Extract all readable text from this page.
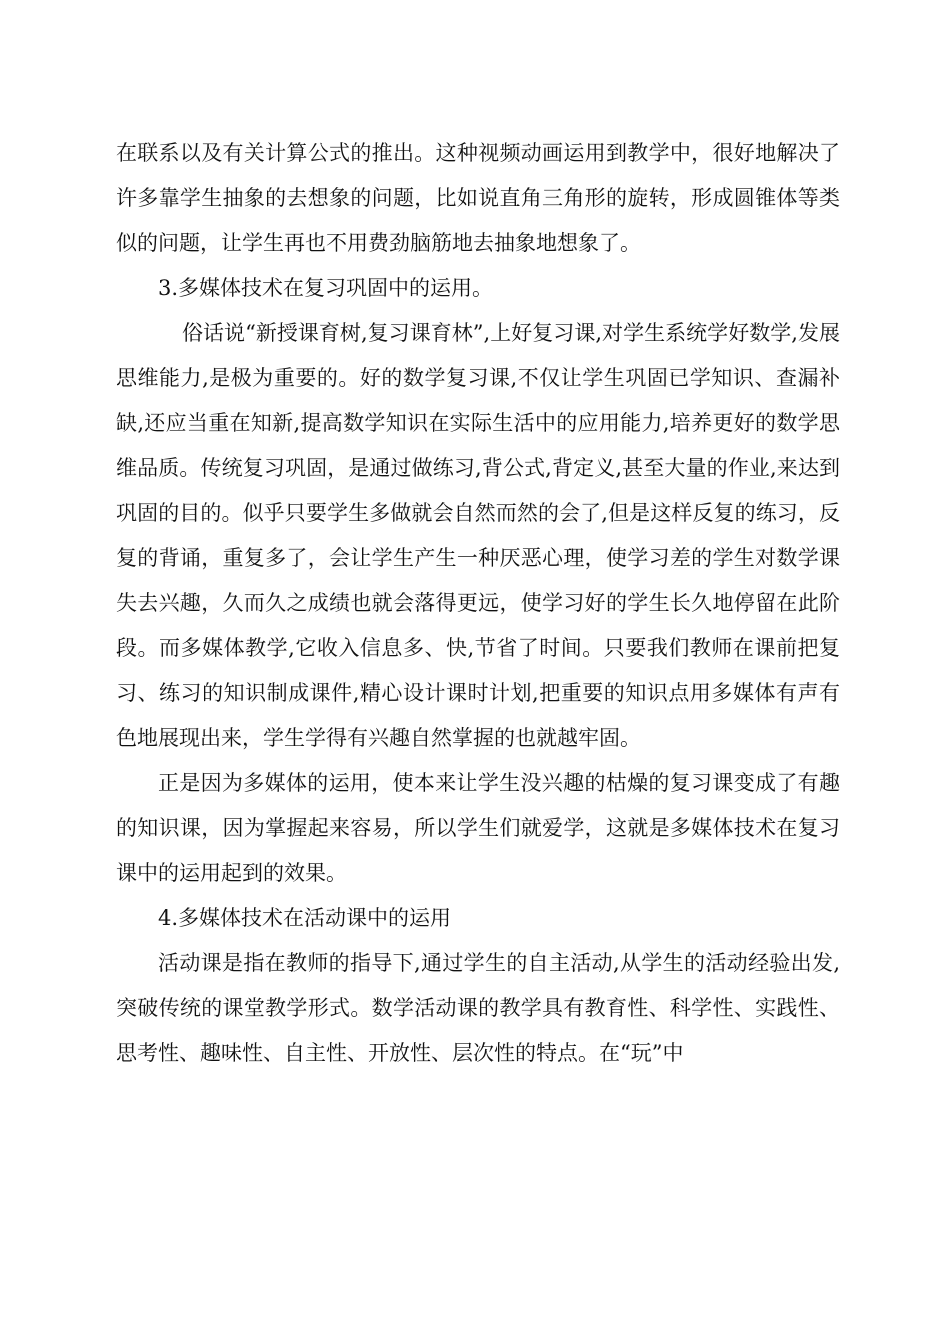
在联系以及有关计算公式的推出。这种视频动画运用到教学中，很好地解决了许多靠学生抽象的去想象的问题，比如说直角三角形的旋转，形成圆锥体等类似的问题，让学生再也不用费劲脑筋地去抽象地想象了。

3.多媒体技术在复习巩固中的运用。

俗话说“新授课育树,复习课育林”,上好复习课,对学生系统学好数学,发展思维能力,是极为重要的。好的数学复习课,不仅让学生巩固已学知识、查漏补缺,还应当重在知新,提高数学知识在实际生活中的应用能力,培养更好的数学思维品质。传统复习巩固，是通过做练习,背公式,背定义,甚至大量的作业,来达到巩固的目的。似乎只要学生多做就会自然而然的会了,但是这样反复的练习，反复的背诵，重复多了，会让学生产生一种厌恶心理，使学习差的学生对数学课失去兴趣，久而久之成绩也就会落得更远，使学习好的学生长久地停留在此阶段。而多媒体教学,它收入信息多、快,节省了时间。只要我们教师在课前把复习、练习的知识制成课件,精心设计课时计划,把重要的知识点用多媒体有声有色地展现出来，学生学得有兴趣自然掌握的也就越牢固。

正是因为多媒体的运用，使本来让学生没兴趣的枯燥的复习课变成了有趣的知识课，因为掌握起来容易，所以学生们就爱学，这就是多媒体技术在复习课中的运用起到的效果。

4.多媒体技术在活动课中的运用

活动课是指在教师的指导下,通过学生的自主活动,从学生的活动经验出发,突破传统的课堂教学形式。数学活动课的教学具有教育性、科学性、实践性、思考性、趣味性、自主性、开放性、层次性的特点。在“玩”中
